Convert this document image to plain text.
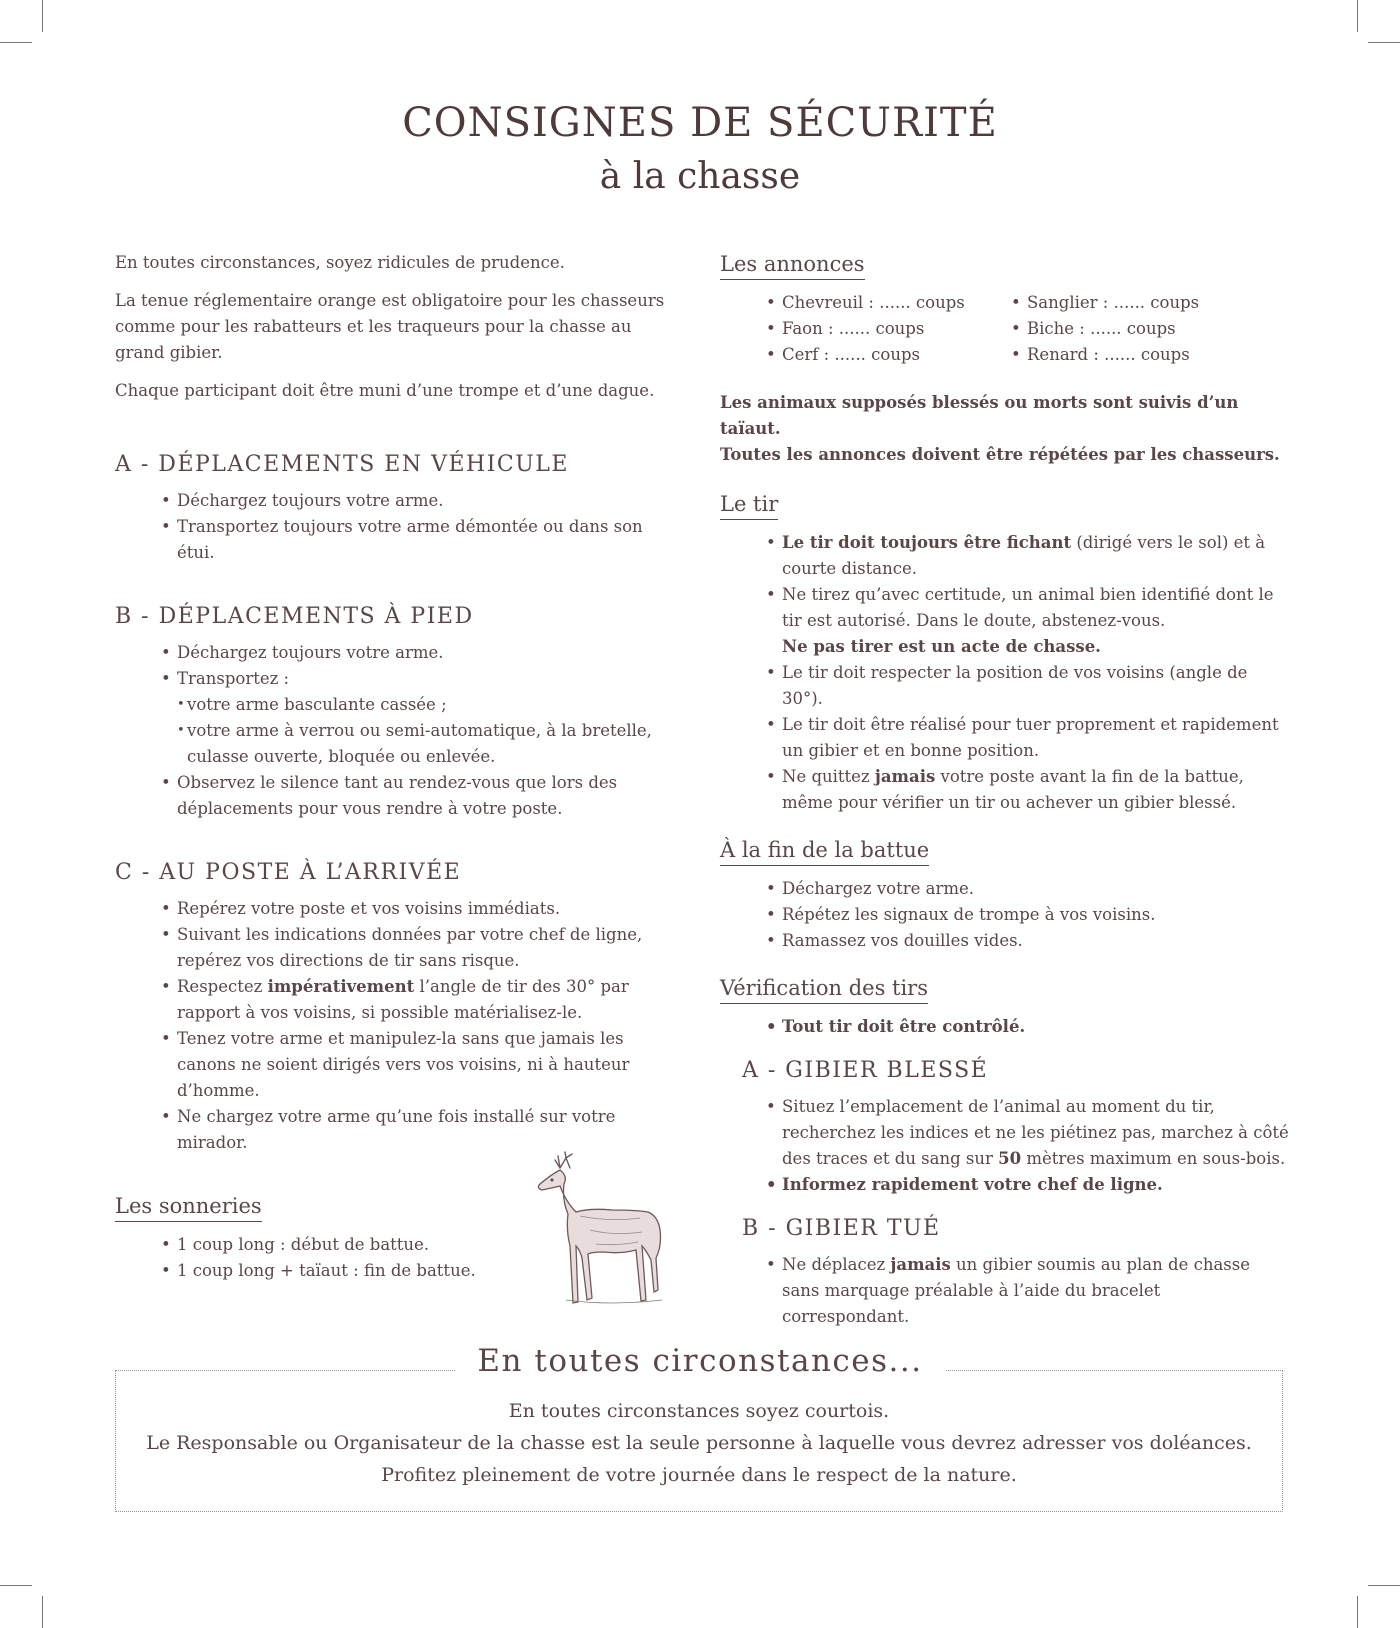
CONSIGNES DE SÉCURITÉ
à la chasse

En toutes circonstances, soyez ridicules de prudence.

La tenue réglementaire orange est obligatoire pour les chasseurs comme pour les rabatteurs et les traqueurs pour la chasse au grand gibier.

Chaque participant doit être muni d’une trompe et d’une dague.

A - DÉPLACEMENTS EN VÉHICULE
• Déchargez toujours votre arme.
• Transportez toujours votre arme démontée ou dans son étui.
B - DÉPLACEMENTS À PIED
• Déchargez toujours votre arme.
• Transportez :
• votre arme basculante cassée ;
• votre arme à verrou ou semi-automatique, à la bretelle, culasse ouverte, bloquée ou enlevée.
• Observez le silence tant au rendez-vous que lors des déplacements pour vous rendre à votre poste.
C - AU POSTE À L’ARRIVÉE
• Repérez votre poste et vos voisins immédiats.
• Suivant les indications données par votre chef de ligne, repérez vos directions de tir sans risque.
• Respectez impérativement l’angle de tir des 30° par rapport à vos voisins, si possible matérialisez-le.
• Tenez votre arme et manipulez-la sans que jamais les canons ne soient dirigés vers vos voisins, ni à hauteur d’homme.
• Ne chargez votre arme qu’une fois installé sur votre mirador.
Les sonneries
• 1 coup long : début de battue.
• 1 coup long + taïaut : fin de battue.
Les annonces
• Chevreuil : ...... coups
• Faon : ...... coups
• Cerf : ...... coups
• Sanglier : ...... coups
• Biche : ...... coups
• Renard : ...... coups

Les animaux supposés blessés ou morts sont suivis d’un taïaut.

Toutes les annonces doivent être répétées par les chasseurs.

Le tir
• Le tir doit toujours être fichant (dirigé vers le sol) et à courte distance.
• Ne tirez qu’avec certitude, un animal bien identifié dont le tir est autorisé. Dans le doute, abstenez-vous.
Ne pas tirer est un acte de chasse.
• Le tir doit respecter la position de vos voisins (angle de 30°).
• Le tir doit être réalisé pour tuer proprement et rapidement un gibier et en bonne position.
• Ne quittez jamais votre poste avant la fin de la battue, même pour vérifier un tir ou achever un gibier blessé.
À la fin de la battue
• Déchargez votre arme.
• Répétez les signaux de trompe à vos voisins.
• Ramassez vos douilles vides.
Vérification des tirs
• Tout tir doit être contrôlé.
A - GIBIER BLESSÉ
• Situez l’emplacement de l’animal au moment du tir, recherchez les indices et ne les piétinez pas, marchez à côté des traces et du sang sur 50 mètres maximum en sous-bois.
• Informez rapidement votre chef de ligne.
B - GIBIER TUÉ
• Ne déplacez jamais un gibier soumis au plan de chasse sans marquage préalable à l’aide du bracelet correspondant.
En toutes circonstances...
En toutes circonstances soyez courtois.
Le Responsable ou Organisateur de la chasse est la seule personne à laquelle vous devrez adresser vos doléances.
Profitez pleinement de votre journée dans le respect de la nature.
